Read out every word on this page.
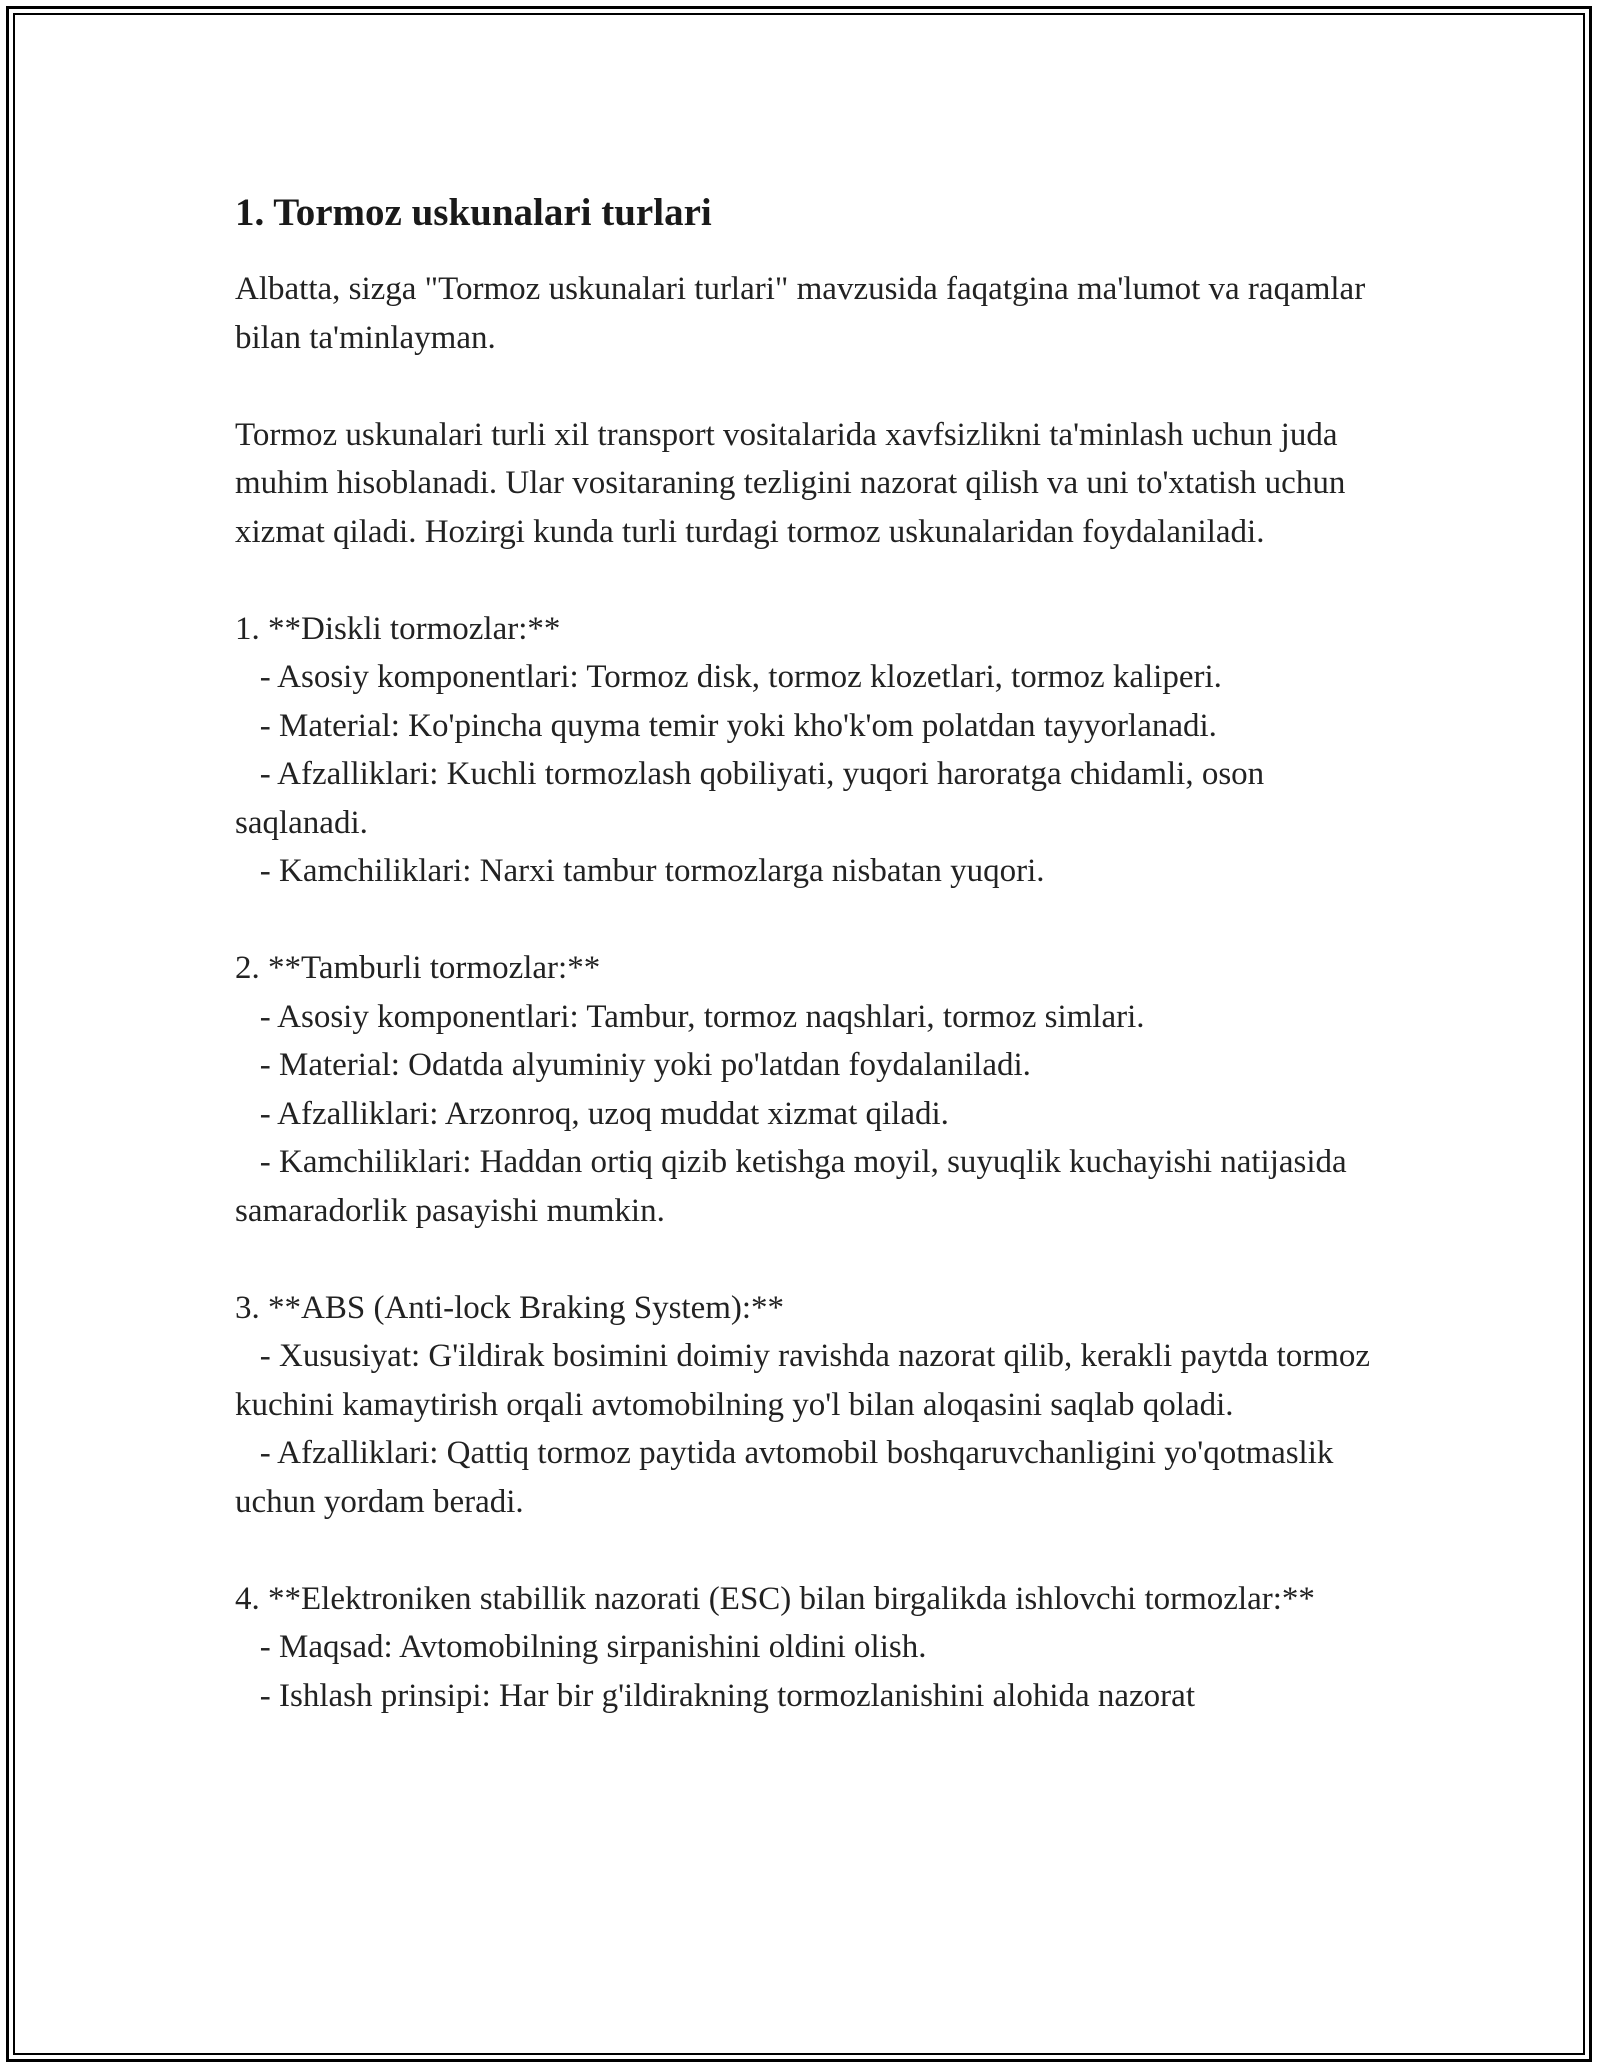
1. Tormoz uskunalari turlari

Albatta, sizga "Tormoz uskunalari turlari" mavzusida faqatgina ma'lumot va raqamlar bilan ta'minlayman.

Tormoz uskunalari turli xil transport vositalarida xavfsizlikni ta'minlash uchun juda muhim hisoblanadi. Ular vositaraning tezligini nazorat qilish va uni to'xtatish uchun xizmat qiladi. Hozirgi kunda turli turdagi tormoz uskunalaridan foydalaniladi.

1. **Diskli tormozlar:**
- Asosiy komponentlari: Tormoz disk, tormoz klozetlari, tormoz kaliperi.
- Material: Ko'pincha quyma temir yoki kho'k'om polatdan tayyorlanadi.
- Afzalliklari: Kuchli tormozlash qobiliyati, yuqori haroratga chidamli, oson saqlanadi.
- Kamchiliklari: Narxi tambur tormozlarga nisbatan yuqori.

2. **Tamburli tormozlar:**
- Asosiy komponentlari: Tambur, tormoz naqshlari, tormoz simlari.
- Material: Odatda alyuminiy yoki po'latdan foydalaniladi.
- Afzalliklari: Arzonroq, uzoq muddat xizmat qiladi.
- Kamchiliklari: Haddan ortiq qizib ketishga moyil, suyuqlik kuchayishi natijasida samaradorlik pasayishi mumkin.

3. **ABS (Anti-lock Braking System):**
- Xususiyat: G'ildirak bosimini doimiy ravishda nazorat qilib, kerakli paytda tormoz kuchini kamaytirish orqali avtomobilning yo'l bilan aloqasini saqlab qoladi.
- Afzalliklari: Qattiq tormoz paytida avtomobil boshqaruvchanligini yo'qotmaslik uchun yordam beradi.

4. **Elektroniken stabillik nazorati (ESC) bilan birgalikda ishlovchi tormozlar:**
- Maqsad: Avtomobilning sirpanishini oldini olish.
- Ishlash prinsipi: Har bir g'ildirakning tormozlanishini alohida nazorat
